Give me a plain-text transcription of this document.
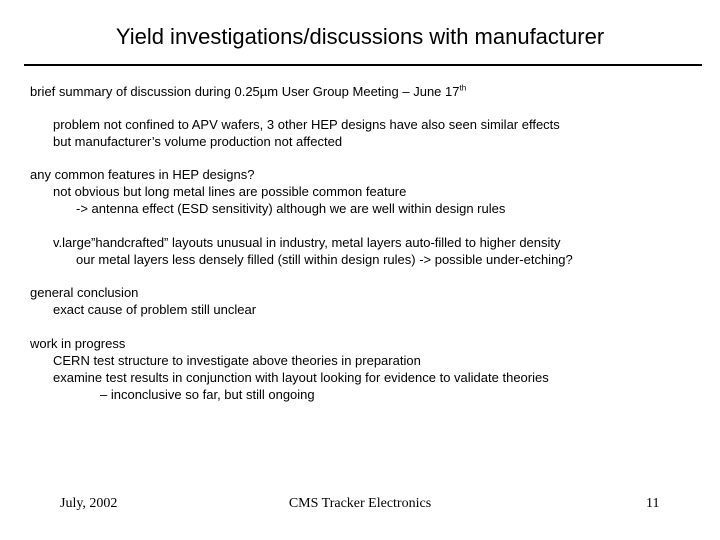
Yield investigations/discussions with manufacturer
brief summary of discussion during 0.25µm User Group Meeting – June 17th
problem not confined to APV wafers, 3 other HEP designs have also seen similar effects
but manufacturer’s volume production not affected
any common features in HEP designs?
not obvious but long metal lines are possible common feature
-> antenna effect (ESD sensitivity) although we are well within design rules
v.large”handcrafted” layouts unusual in industry, metal layers auto-filled to higher density
our metal layers less densely filled (still within design rules) -> possible under-etching?
general conclusion
exact cause of problem still unclear
work in progress
CERN test structure to investigate above theories in preparation
examine test results in conjunction with layout looking for evidence to validate theories
– inconclusive so far, but still ongoing
July, 2002	CMS Tracker Electronics	11
